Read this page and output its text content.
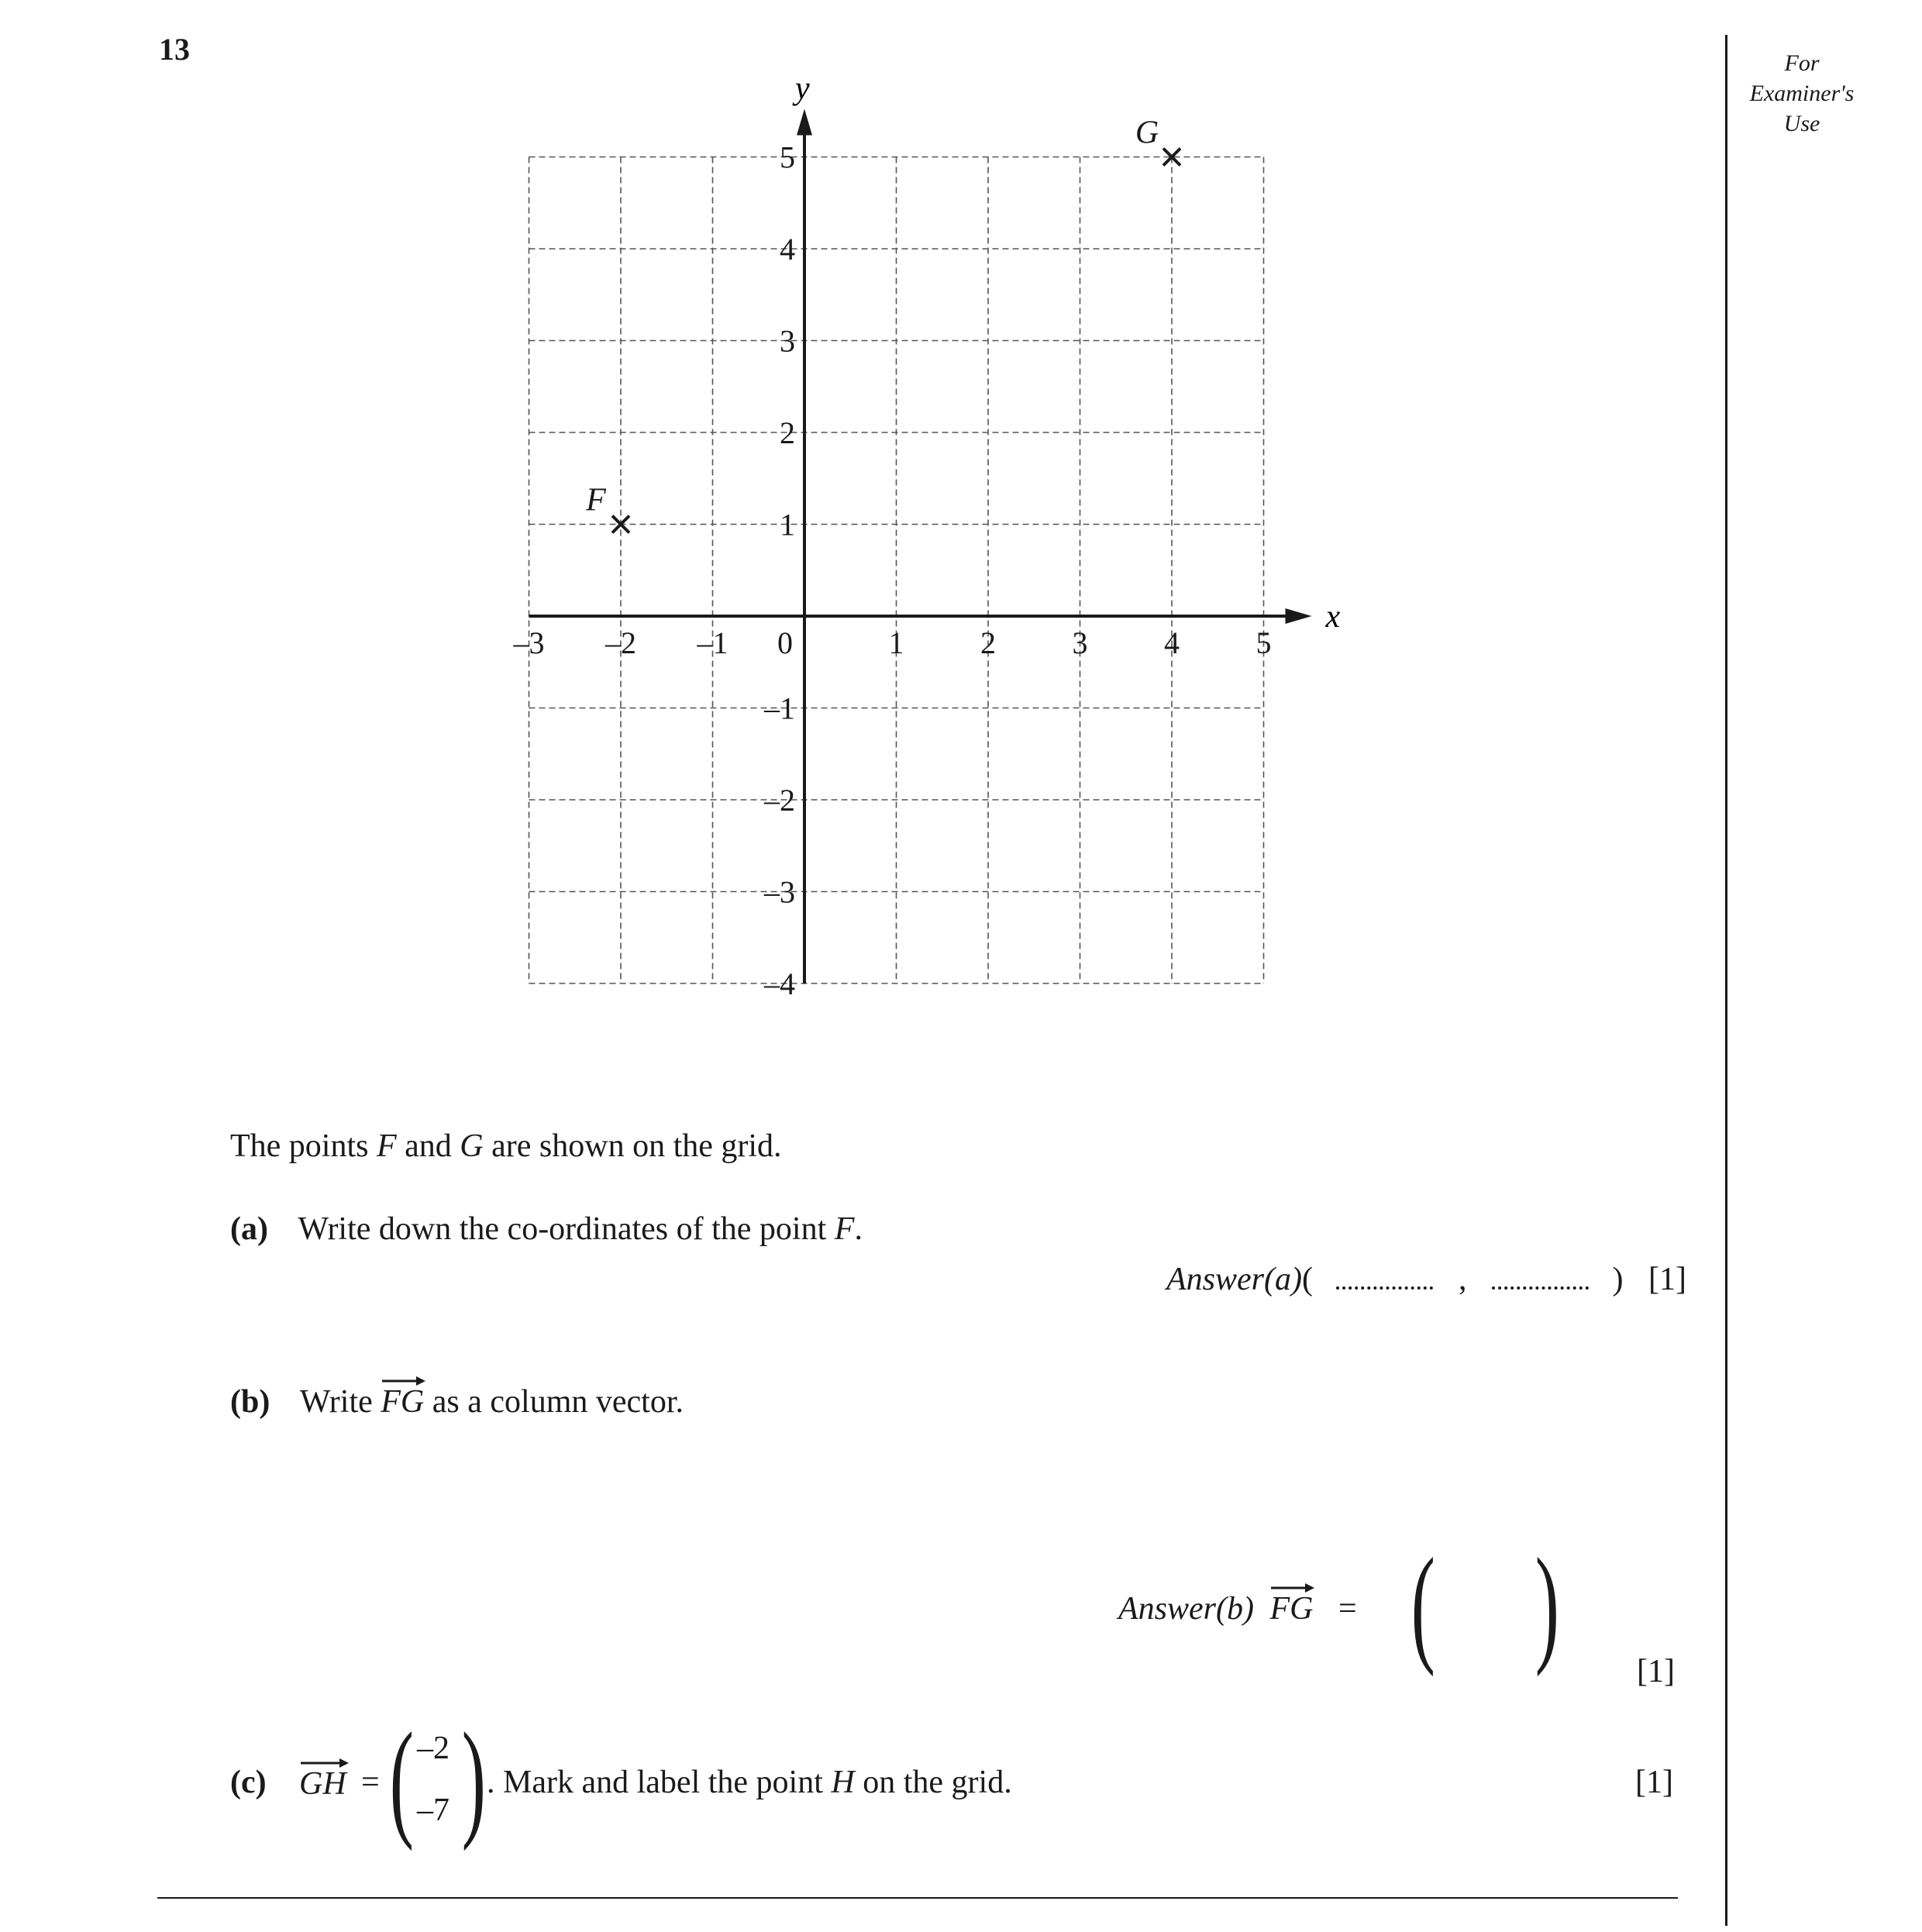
13	For
Examiner's
Use
x
y
–3 –2 –1 0	1 2 3 4 5
5
4
3
2
1
–1
–2
–3
–4
F
G
The points F and G are shown on the grid.
(a) Write down the co-ordinates of the point F.
Answer(a)(	,	) [1]
(b) Write
FG as a column vector.
Answer(b) FG = ( ) [1]
(c) GH = ( –2
–7 ) . Mark and label the point H on the grid.	[1]
